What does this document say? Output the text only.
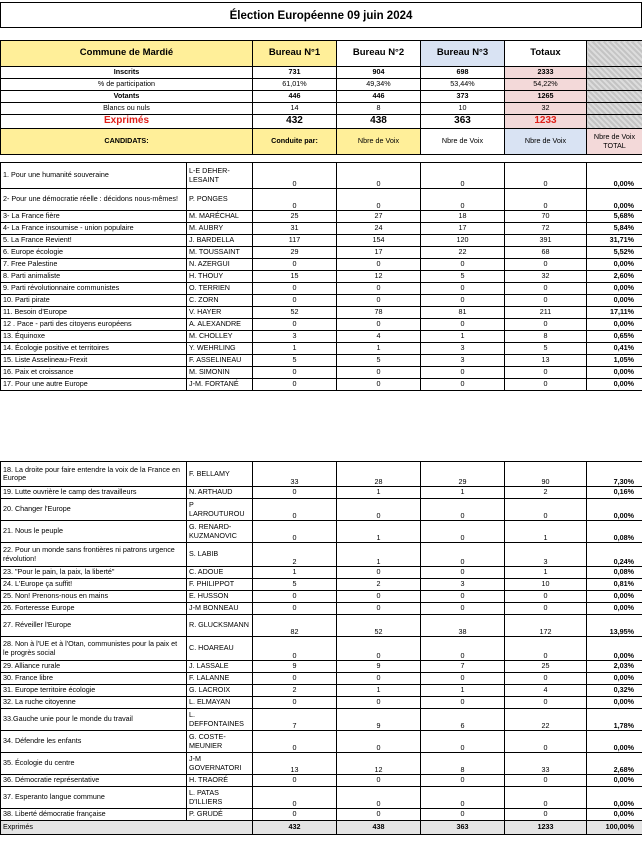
Élection Européenne 09 juin 2024
Commune de Mardié	Bureau N°1	Bureau N°2	Bureau N°3	Totaux		
Inscrits	731	904	698	2333		
% de participation	61,01%	49,34%	53,44%	54,22%		
Votants	446	446	373	1265		
Blancs ou nuls	14	8	10	32		
Exprimés	432	438	363	1233		
CANDIDATS:	Conduite par:	Nbre de Voix	Nbre de Voix	Nbre de Voix	Nbre de Voix
TOTAL	
1. Pour une humanité souveraine	L-E DEHER-LESAINT	0	0	0	0	0,00%
2- Pour une démocratie réelle : décidons nous-mêmes!	P. PONGES	0	0	0	0	0,00%
3- La France fière	M. MARÉCHAL	25	27	18	70	5,68%
4- La France insoumise - union populaire	M. AUBRY	31	24	17	72	5,84%
5. La France Revient!	J. BARDELLA	117	154	120	391	31,71%
6. Europe écologie	M. TOUSSAINT	29	17	22	68	5,52%
7. Free Palestine	N. AZERGUI	0	0	0	0	0,00%
8. Parti animaliste	H. THOUY	15	12	5	32	2,60%
9. Parti révolutionnaire communistes	O. TERRIEN	0	0	0	0	0,00%
10. Parti pirate	C. ZORN	0	0	0	0	0,00%
11. Besoin d'Europe	V. HAYER	52	78	81	211	17,11%
12 . Pace - parti des citoyens européens	A. ALEXANDRE	0	0	0	0	0,00%
13. Équinoxe	M. CHOLLEY	3	4	1	8	0,65%
14. Écologie positive et territoires	Y. WEHRLING	1	1	3	5	0,41%
15. Liste Asselineau-Frexit	F. ASSELINEAU	5	5	3	13	1,05%
16. Paix et croissance	M. SIMONIN	0	0	0	0	0,00%
17. Pour une autre Europe	J-M. FORTANÉ	0	0	0	0	0,00%
18. La droite pour faire entendre la voix de la France en Europe	F. BELLAMY	33	28	29	90	7,30%
19. Lutte ouvrière le camp des travailleurs	N. ARTHAUD	0	1	1	2	0,16%
20. Changer l'Europe	P LARROUTUROU	0	0	0	0	0,00%
21. Nous le peuple	G. RENARD-KUZMANOVIC	0	1	0	1	0,08%
22. Pour un monde sans frontières ni patrons urgence révolution!	S. LABIB	2	1	0	3	0,24%
23. "Pour le pain, la paix, la liberté"	C. ADOUE	1	0	0	1	0,08%
24. L'Europe ça suffit!	F. PHILIPPOT	5	2	3	10	0,81%
25. Non! Prenons-nous en mains	E. HUSSON	0	0	0	0	0,00%
26. Forteresse Europe	J-M BONNEAU	0	0	0	0	0,00%
27. Réveiller l'Europe	R. GLUCKSMANN	82	52	38	172	13,95%
28. Non à l'UE et à l'Otan, communistes pour la paix et le progrès social	C. HOAREAU	0	0	0	0	0,00%
29. Alliance rurale	J. LASSALE	9	9	7	25	2,03%
30. France libre	F. LALANNE	0	0	0	0	0,00%
31. Europe territoire écologie	G. LACROIX	2	1	1	4	0,32%
32. La ruche citoyenne	L. ELMAYAN	0	0	0	0	0,00%
33.Gauche unie pour le monde du travail	L. DEFFONTAINES	7	9	6	22	1,78%
34. Défendre les enfants	G. COSTE-MEUNIER	0	0	0	0	0,00%
35. Écologie du centre	J-M GOVERNATORI	13	12	8	33	2,68%
36. Démocratie représentative	H. TRAORÉ	0	0	0	0	0,00%
37. Esperanto langue commune	L. PATAS D'ILLIERS	0	0	0	0	0,00%
38. Liberté démocratie française	P. GRUDÉ	0	0	0	0	0,00%
Exprimés		432	438	363	1233	100,00%
